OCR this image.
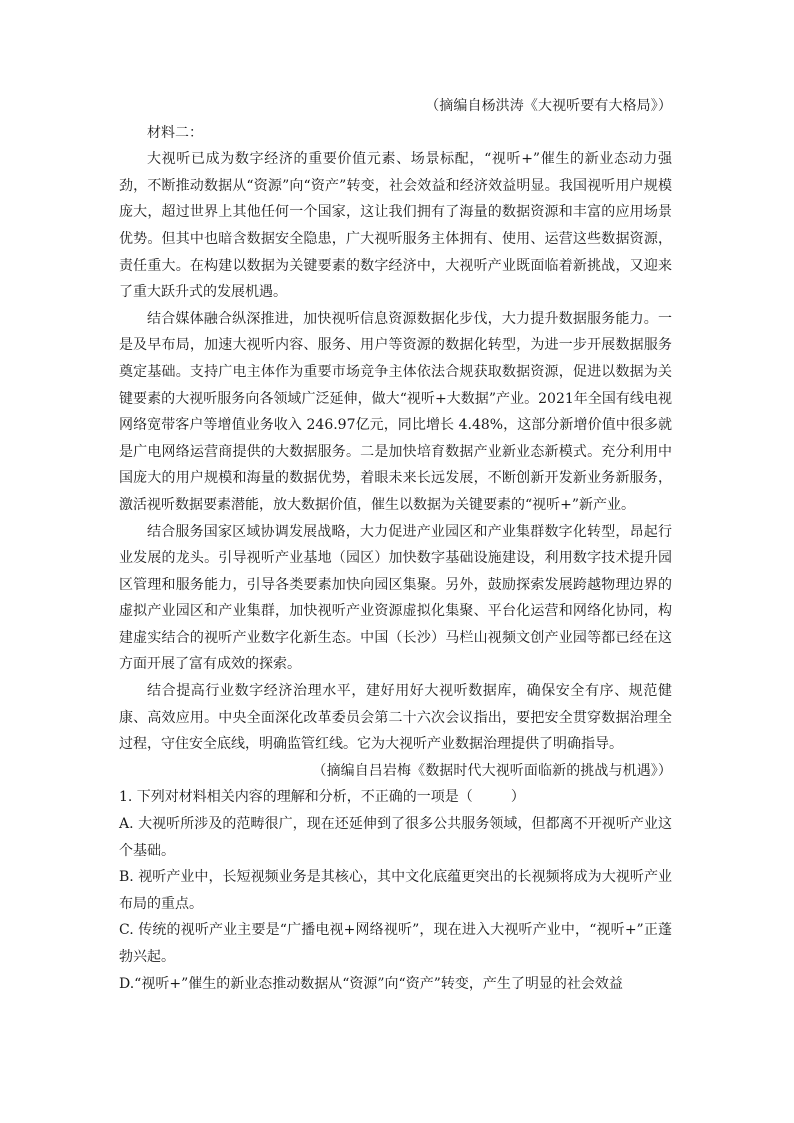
（摘编自杨洪涛《大视听要有大格局》）

材料二：

大视听已成为数字经济的重要价值元素、场景标配，“视听+”催生的新业态动力强劲，不断推动数据从“资源”向“资产”转变，社会效益和经济效益明显。我国视听用户规模庞大，超过世界上其他任何一个国家，这让我们拥有了海量的数据资源和丰富的应用场景优势。但其中也暗含数据安全隐患，广大视听服务主体拥有、使用、运营这些数据资源，责任重大。在构建以数据为关键要素的数字经济中，大视听产业既面临着新挑战，又迎来了重大跃升式的发展机遇。

结合媒体融合纵深推进，加快视听信息资源数据化步伐，大力提升数据服务能力。一是及早布局，加速大视听内容、服务、用户等资源的数据化转型，为进一步开展数据服务奠定基础。支持广电主体作为重要市场竞争主体依法合规获取数据资源，促进以数据为关键要素的大视听服务向各领域广泛延伸，做大“视听+大数据”产业。2021年全国有线电视网络宽带客户等增值业务收入 246.97亿元，同比增长 4.48%，这部分新增价值中很多就是广电网络运营商提供的大数据服务。二是加快培育数据产业新业态新模式。充分利用中国庞大的用户规模和海量的数据优势，着眼未来长远发展，不断创新开发新业务新服务，激活视听数据要素潜能，放大数据价值，催生以数据为关键要素的“视听+”新产业。

结合服务国家区域协调发展战略，大力促进产业园区和产业集群数字化转型，昂起行业发展的龙头。引导视听产业基地（园区）加快数字基础设施建设，利用数字技术提升园区管理和服务能力，引导各类要素加快向园区集聚。另外，鼓励探索发展跨越物理边界的虚拟产业园区和产业集群，加快视听产业资源虚拟化集聚、平台化运营和网络化协同，构建虚实结合的视听产业数字化新生态。中国（长沙）马栏山视频文创产业园等都已经在这方面开展了富有成效的探索。

结合提高行业数字经济治理水平，建好用好大视听数据库，确保安全有序、规范健康、高效应用。中央全面深化改革委员会第二十六次会议指出，要把安全贯穿数据治理全过程，守住安全底线，明确监管红线。它为大视听产业数据治理提供了明确指导。

（摘编自吕岩梅《数据时代大视听面临新的挑战与机遇》）

1. 下列对材料相关内容的理解和分析，不正确的一项是（	）

A. 大视听所涉及的范畴很广，现在还延伸到了很多公共服务领域，但都离不开视听产业这个基础。

B. 视听产业中，长短视频业务是其核心，其中文化底蕴更突出的长视频将成为大视听产业布局的重点。

C. 传统的视听产业主要是“广播电视+网络视听”，现在进入大视听产业中，“视听+”正蓬勃兴起。

D.“视听+”催生的新业态推动数据从“资源”向“资产”转变，产生了明显的社会效益
